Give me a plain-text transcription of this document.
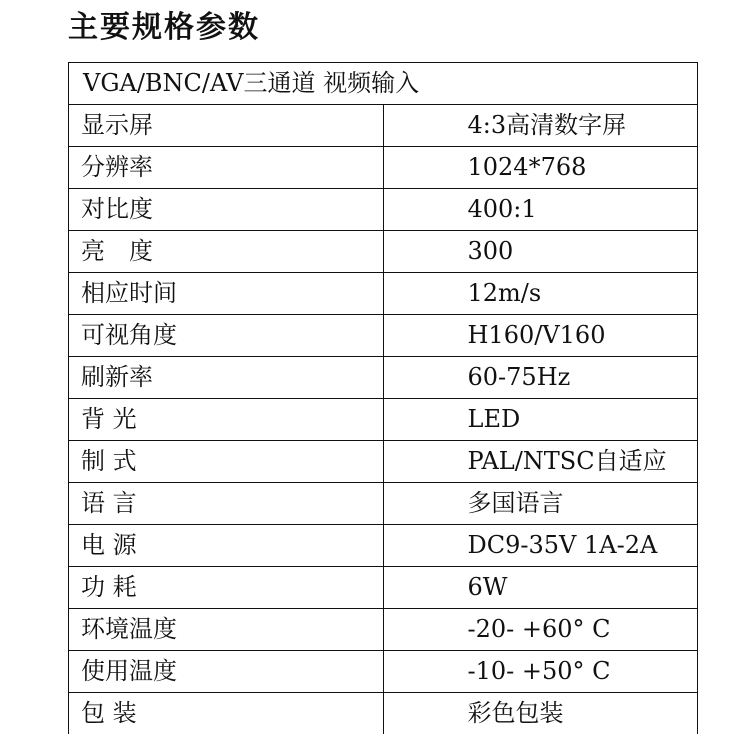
主要规格参数
VGA/BNC/AV三通道 视频输入	
显示屏	4:3高清数字屏
分辨率	1024*768
对比度	400:1
亮　度	300
相应时间	12m/s
可视角度	H160/V160
刷新率	60-75Hz
背 光	LED
制 式	PAL/NTSC自适应
语 言	多国语言
电 源	DC9-35V 1A-2A
功 耗	6W
环境温度	-20- +60° C
使用温度	-10- +50° C
包 装	彩色包装
